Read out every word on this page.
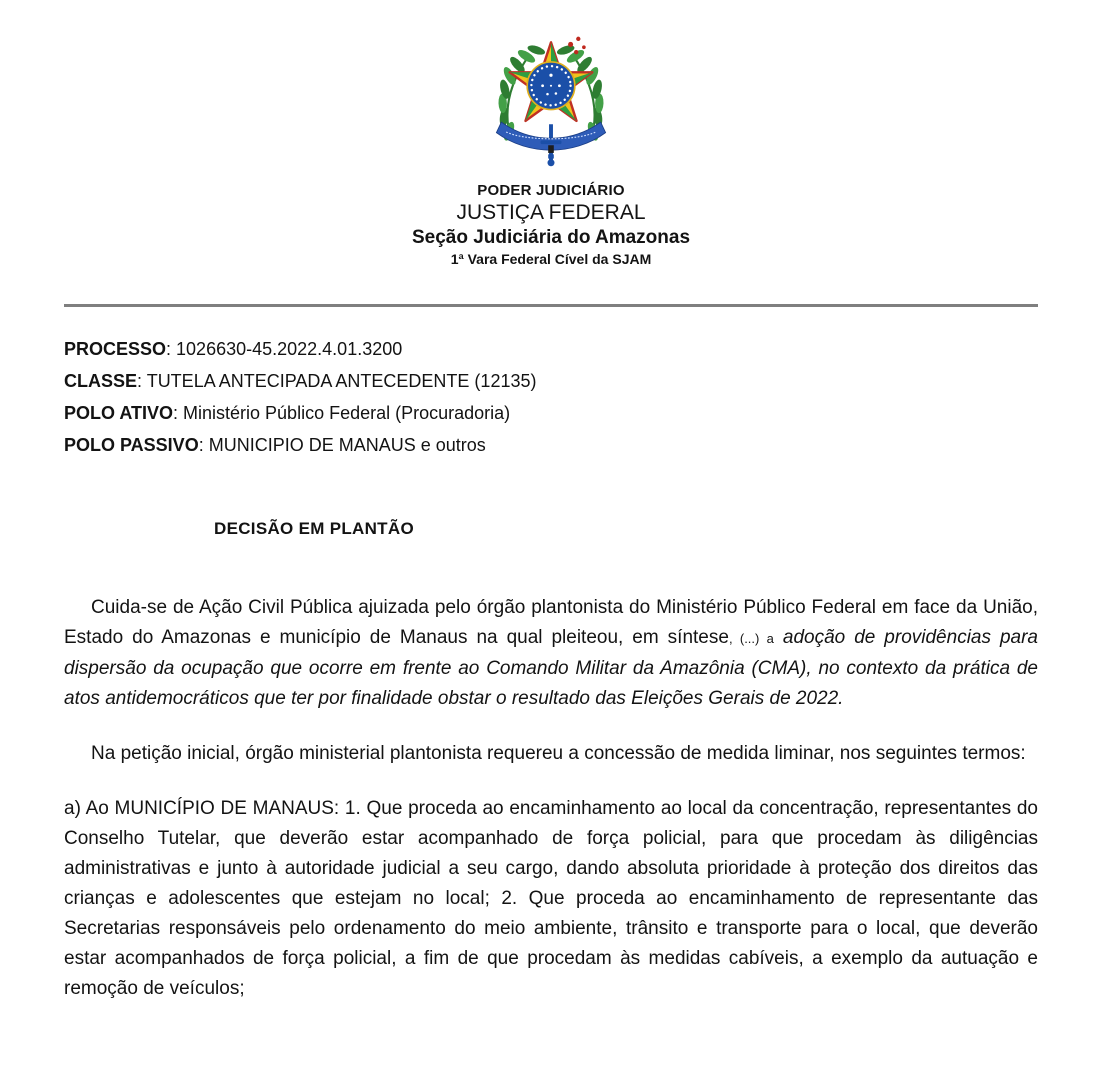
PODER JUDICIÁRIO
JUSTIÇA FEDERAL
Seção Judiciária do Amazonas
1ª Vara Federal Cível da SJAM
PROCESSO: 1026630-45.2022.4.01.3200
CLASSE: TUTELA ANTECIPADA ANTECEDENTE (12135)
POLO ATIVO: Ministério Público Federal (Procuradoria)
POLO PASSIVO: MUNICIPIO DE MANAUS e outros
DECISÃO EM PLANTÃO

Cuida-se de Ação Civil Pública ajuizada pelo órgão plantonista do Ministério Público Federal em face da União, Estado do Amazonas e município de Manaus na qual pleiteou, em síntese, (...) a adoção de providências para dispersão da ocupação que ocorre em frente ao Comando Militar da Amazônia (CMA), no contexto da prática de atos antidemocráticos que ter por finalidade obstar o resultado das Eleições Gerais de 2022.

Na petição inicial, órgão ministerial plantonista requereu a concessão de medida liminar, nos seguintes termos:

a) Ao MUNICÍPIO DE MANAUS: 1. Que proceda ao encaminhamento ao local da concentração, representantes do Conselho Tutelar, que deverão estar acompanhado de força policial, para que procedam às diligências administrativas e junto à autoridade judicial a seu cargo, dando absoluta prioridade à proteção dos direitos das crianças e adolescentes que estejam no local; 2. Que proceda ao encaminhamento de representante das Secretarias responsáveis pelo ordenamento do meio ambiente, trânsito e transporte para o local, que deverão estar acompanhados de força policial, a fim de que procedam às medidas cabíveis, a exemplo da autuação e remoção de veículos;
